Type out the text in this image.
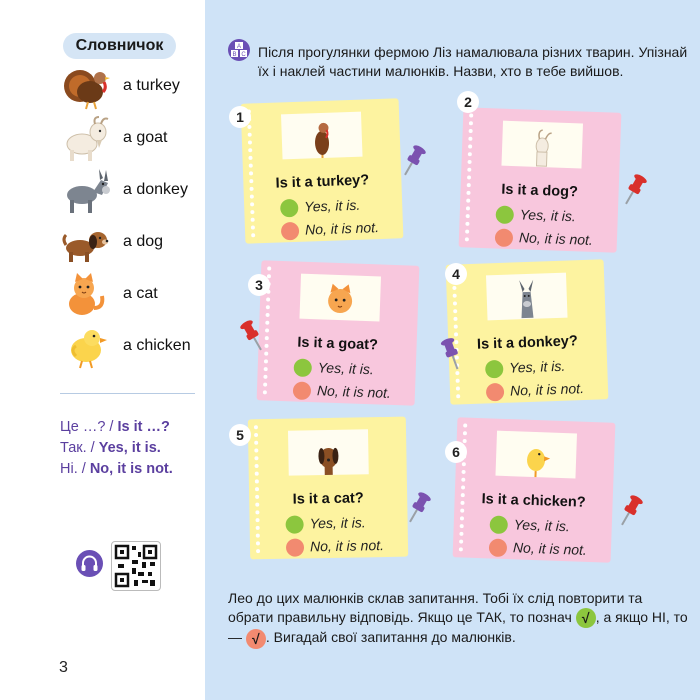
Словничок
a turkey
a goat
a donkey
a dog
a cat
a chicken
Це …? / Is it …?
Так. / Yes, it is.
Ні. / No, it is not.
3
A
B C Після прогулянки фермою Ліз намалювала різних тварин. Упізнай їх і наклей частини малюнків. Назви, хто в тебе вийшов.
Is it a turkey?
Yes, it is.
No, it is not.
1
Is it a dog?
Yes, it is.
No, it is not.
2
Is it a goat?
Yes, it is.
No, it is not.
3
Is it a donkey?
Yes, it is.
No, it is not.
4
Is it a cat?
Yes, it is.
No, it is not.
5
Is it a chicken?
Yes, it is.
No, it is not.
6
Лео до цих малюнків склав запитання. Тобі їх слід повторити та обрати правильну відповідь. Якщо це ТАК, то познач √ , а якщо НІ, то — √ . Вигадай свої запитання до малюнків.
